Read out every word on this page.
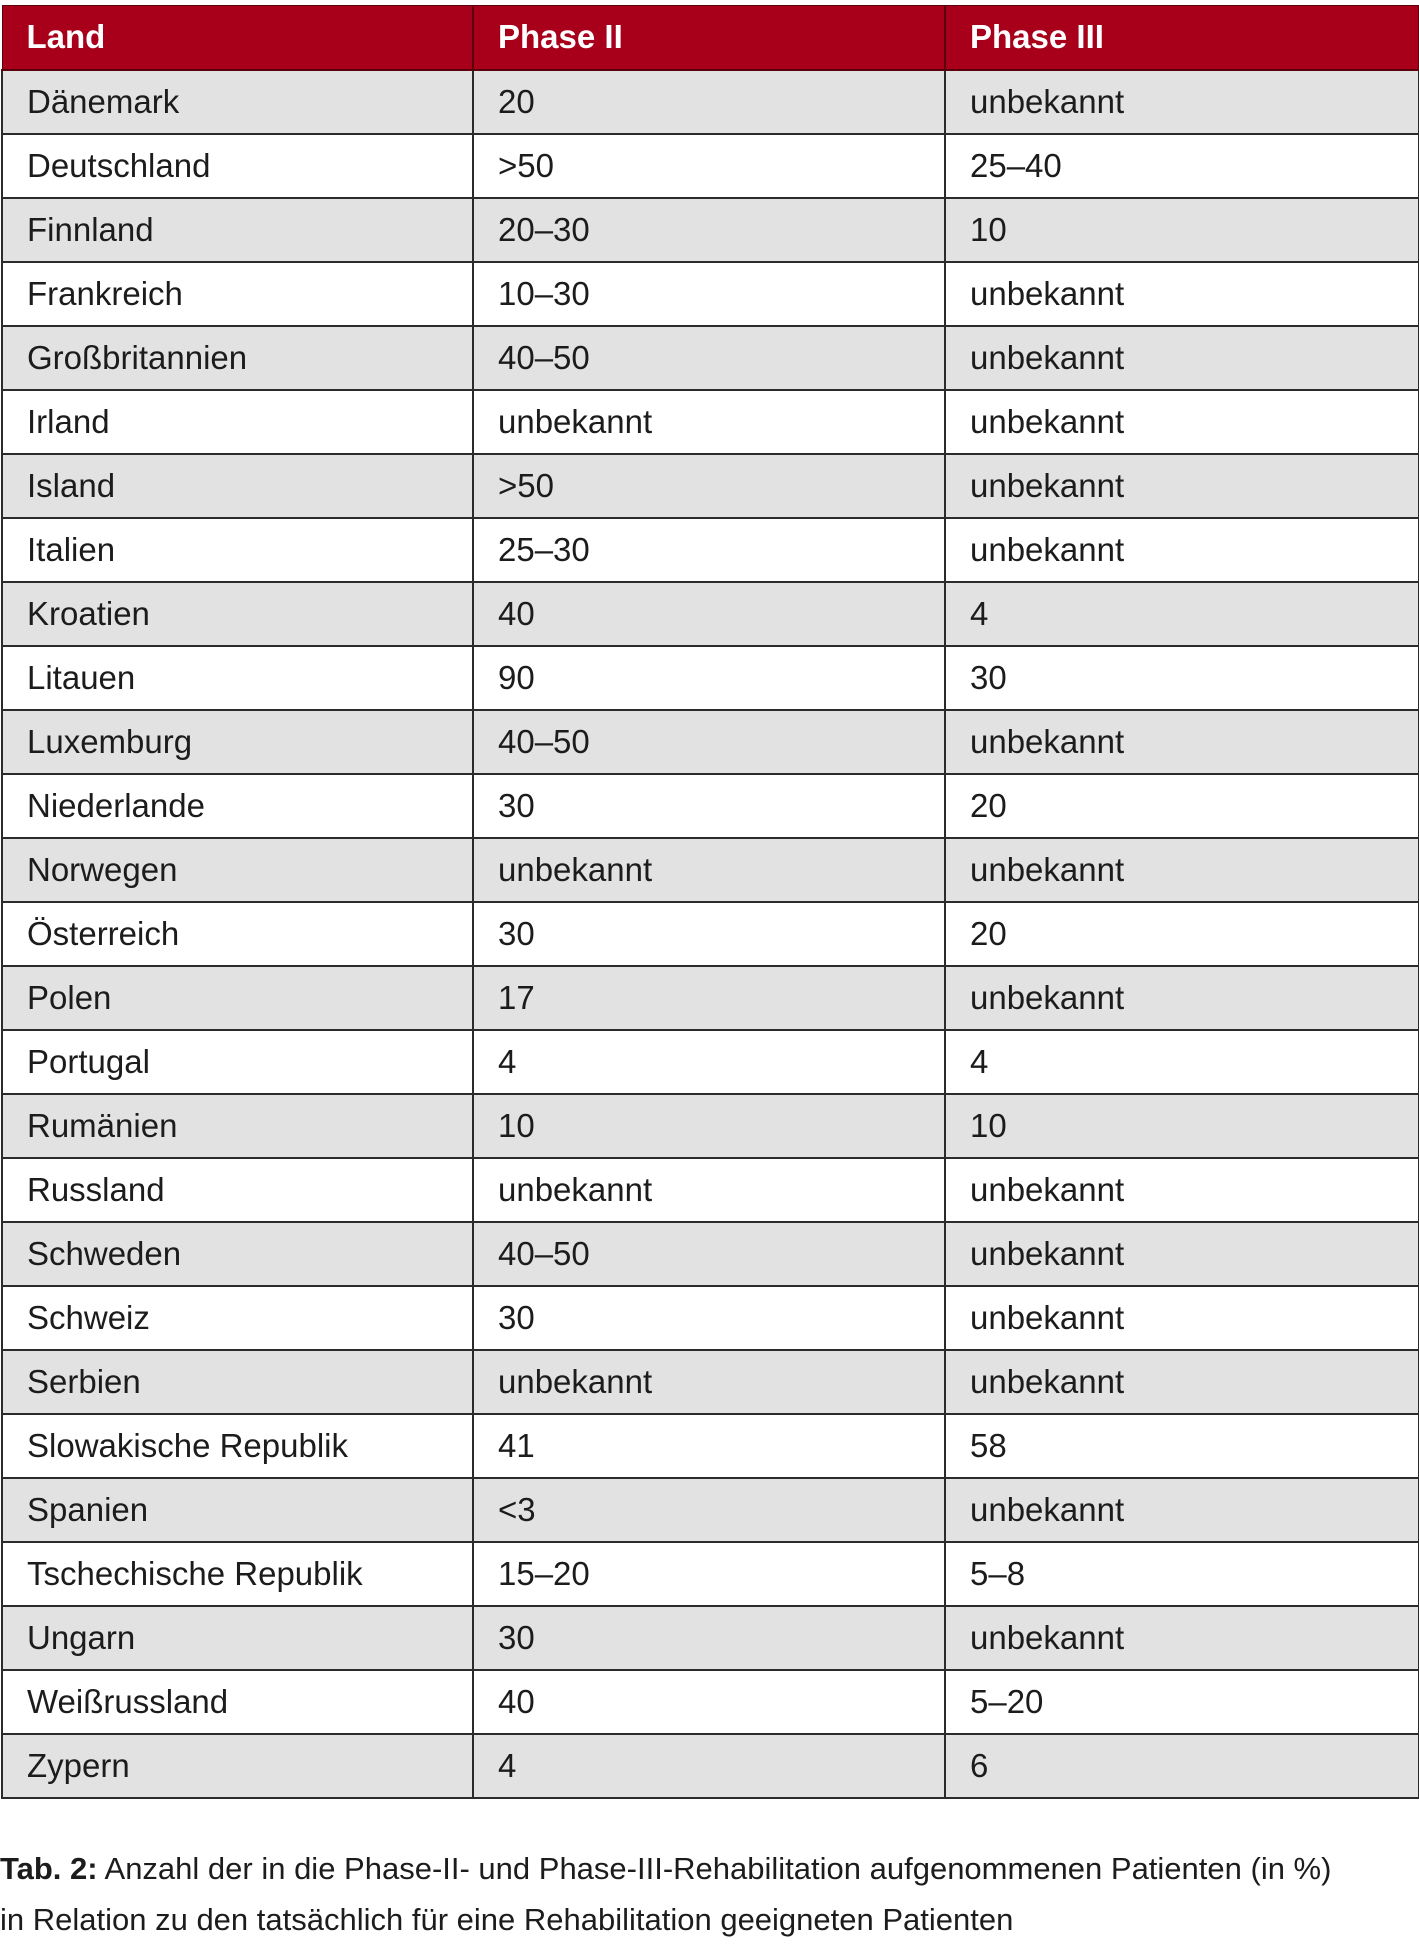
Land	Phase II	Phase III
Dänemark	20	unbekannt
Deutschland	>50	25–40
Finnland	20–30	10
Frankreich	10–30	unbekannt
Großbritannien	40–50	unbekannt
Irland	unbekannt	unbekannt
Island	>50	unbekannt
Italien	25–30	unbekannt
Kroatien	40	4
Litauen	90	30
Luxemburg	40–50	unbekannt
Niederlande	30	20
Norwegen	unbekannt	unbekannt
Österreich	30	20
Polen	17	unbekannt
Portugal	4	4
Rumänien	10	10
Russland	unbekannt	unbekannt
Schweden	40–50	unbekannt
Schweiz	30	unbekannt
Serbien	unbekannt	unbekannt
Slowakische Republik	41	58
Spanien	<3	unbekannt
Tschechische Republik	15–20	5–8
Ungarn	30	unbekannt
Weißrussland	40	5–20
Zypern	4	6
Tab. 2: Anzahl der in die Phase-II- und Phase-III-Rehabilitation aufgenommenen Patienten (in %)
in Relation zu den tatsächlich für eine Rehabilitation geeigneten Patienten
